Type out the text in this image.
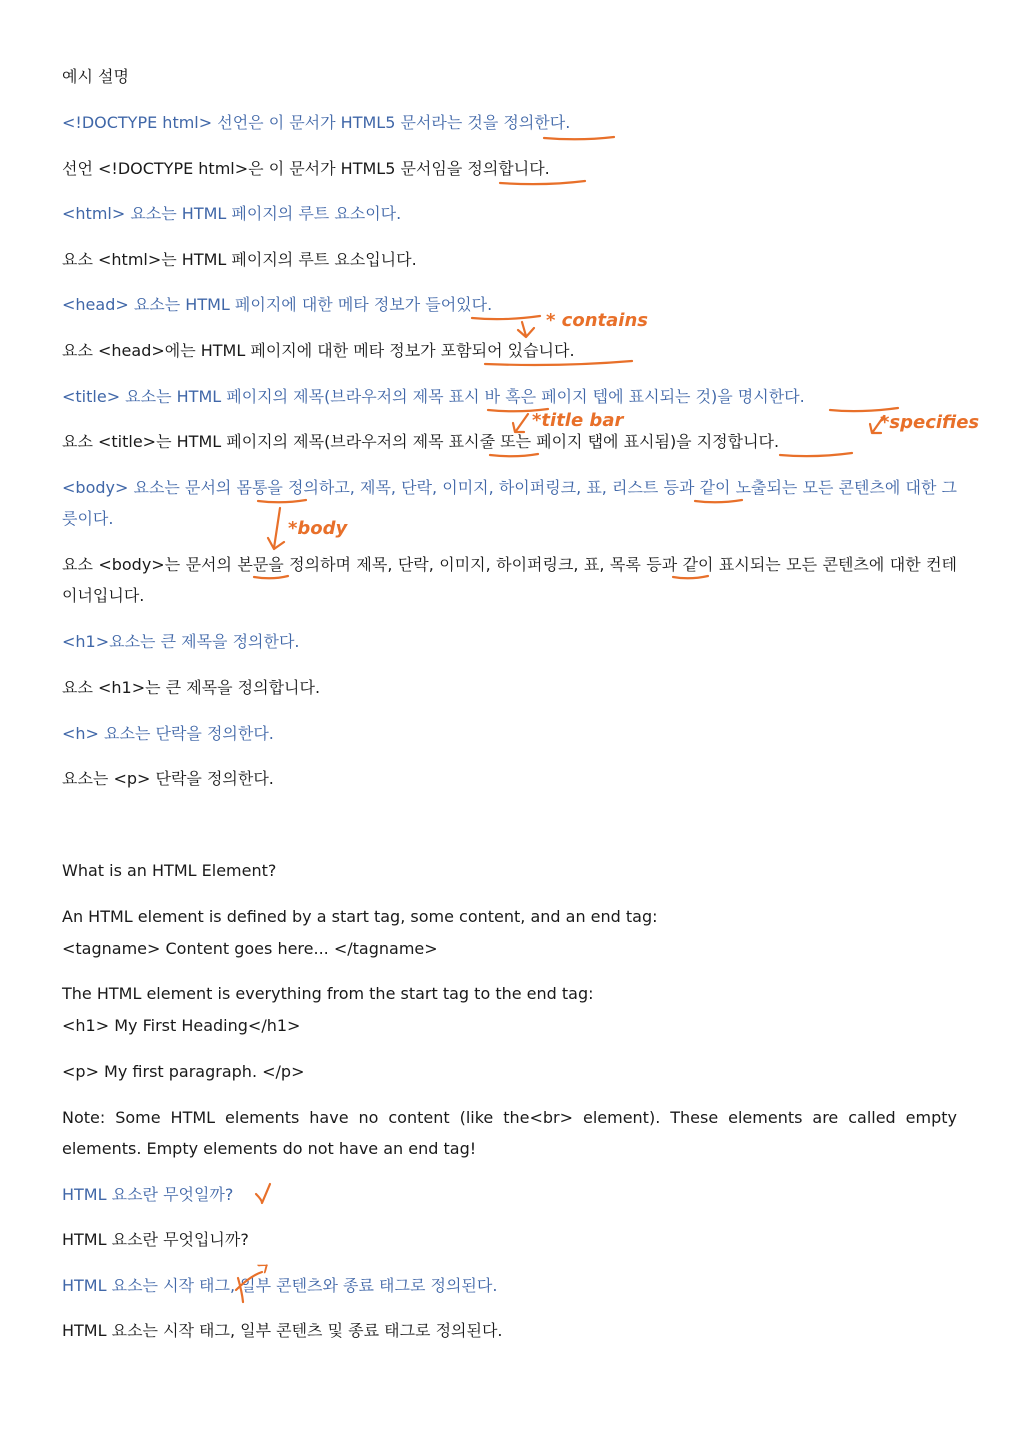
예시 설명

<!DOCTYPE html> 선언은 이 문서가 HTML5 문서라는 것을 정의한다.

선언 <!DOCTYPE html>은 이 문서가 HTML5 문서임을 정의합니다.

<html> 요소는 HTML 페이지의 루트 요소이다.

요소 <html>는 HTML 페이지의 루트 요소입니다.

<head> 요소는 HTML 페이지에 대한 메타 정보가 들어있다.

요소 <head>에는 HTML 페이지에 대한 메타 정보가 포함되어 있습니다.

<title> 요소는 HTML 페이지의 제목(브라우저의 제목 표시 바 혹은 페이지 텝에 표시되는 것)을 명시한다.

요소 <title>는 HTML 페이지의 제목(브라우저의 제목 표시줄 또는 페이지 탭에 표시됨)을 지정합니다.

<body> 요소는 문서의 몸통을 정의하고, 제목, 단락, 이미지, 하이퍼링크, 표, 리스트 등과 같이 노출되는 모든 콘텐츠에 대한 그릇이다.

요소 <body>는 문서의 본문을 정의하며 제목, 단락, 이미지, 하이퍼링크, 표, 목록 등과 같이 표시되는 모든 콘텐츠에 대한 컨테이너입니다.

<h1>요소는 큰 제목을 정의한다.

요소 <h1>는 큰 제목을 정의합니다.

<h> 요소는 단락을 정의한다.

요소는 <p> 단락을 정의한다.

What is an HTML Element?

An HTML element is defined by a start tag, some content, and an end tag:

<tagname> Content goes here... </tagname>

The HTML element is everything from the start tag to the end tag:

<h1> My First Heading</h1>

<p> My first paragraph. </p>

Note: Some HTML elements have no content (like the<br> element). These elements are called empty elements. Empty elements do not have an end tag!

HTML 요소란 무엇일까?

HTML 요소란 무엇입니까?

HTML 요소는 시작 태그, 일부 콘텐츠와 종료 태그로 정의된다.

HTML 요소는 시작 태그, 일부 콘텐츠 및 종료 태그로 정의된다.

* contains
*title bar	*specifies
*body
ㄱ
